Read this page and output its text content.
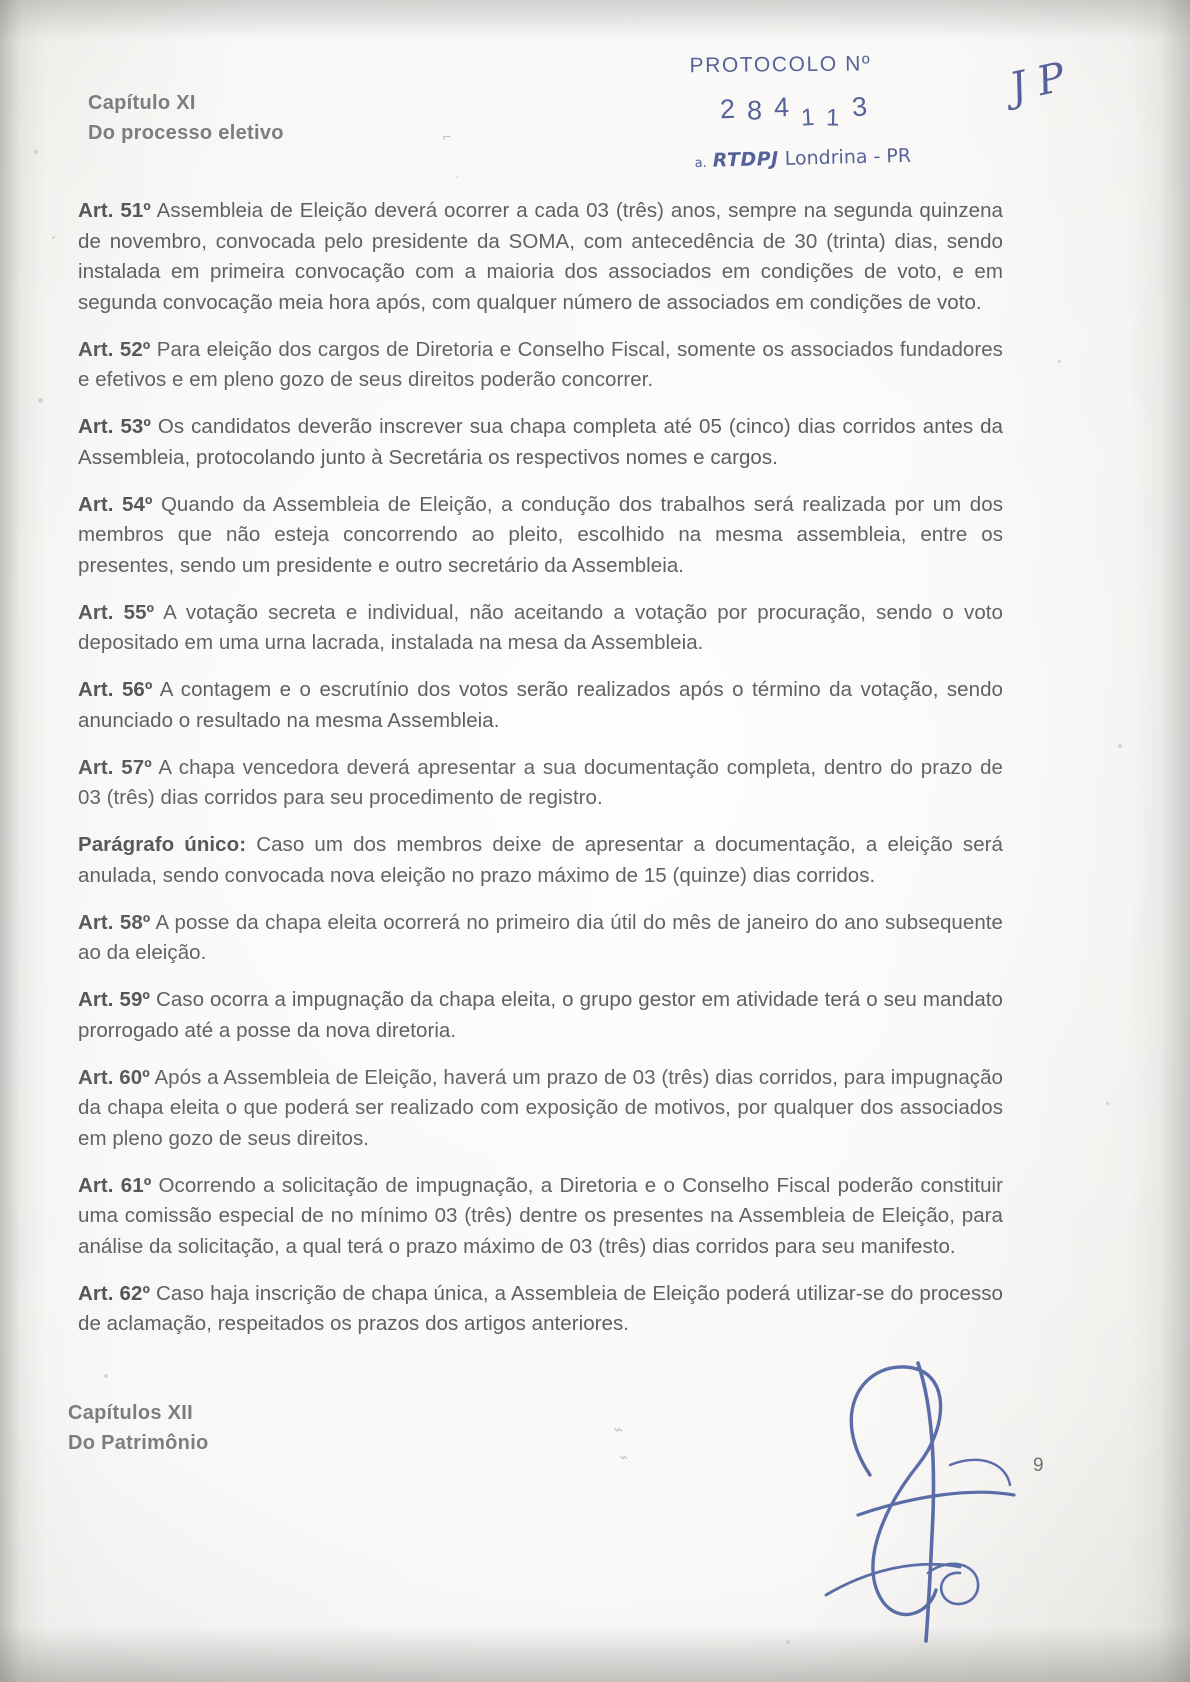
PROTOCOLO Nº
284113	JP
a. RTDPJ Londrina - PR
Capítulo XI
Do processo eletivo

Art. 51º Assembleia de Eleição deverá ocorrer a cada 03 (três) anos, sempre na segunda quinzena de novembro, convocada pelo presidente da SOMA, com antecedência de 30 (trinta) dias, sendo instalada em primeira convocação com a maioria dos associados em condições de voto, e em segunda convocação meia hora após, com qualquer número de associados em condições de voto.

Art. 52º Para eleição dos cargos de Diretoria e Conselho Fiscal, somente os associados fundadores e efetivos e em pleno gozo de seus direitos poderão concorrer.

Art. 53º Os candidatos deverão inscrever sua chapa completa até 05 (cinco) dias corridos antes da Assembleia, protocolando junto à Secretária os respectivos nomes e cargos.

Art. 54º Quando da Assembleia de Eleição, a condução dos trabalhos será realizada por um dos membros que não esteja concorrendo ao pleito, escolhido na mesma assembleia, entre os presentes, sendo um presidente e outro secretário da Assembleia.

Art. 55º A votação secreta e individual, não aceitando a votação por procuração, sendo o voto depositado em uma urna lacrada, instalada na mesa da Assembleia.

Art. 56º A contagem e o escrutínio dos votos serão realizados após o término da votação, sendo anunciado o resultado na mesma Assembleia.

Art. 57º A chapa vencedora deverá apresentar a sua documentação completa, dentro do prazo de 03 (três) dias corridos para seu procedimento de registro.

Parágrafo único: Caso um dos membros deixe de apresentar a documentação, a eleição será anulada, sendo convocada nova eleição no prazo máximo de 15 (quinze) dias corridos.

Art. 58º A posse da chapa eleita ocorrerá no primeiro dia útil do mês de janeiro do ano subsequente ao da eleição.

Art. 59º Caso ocorra a impugnação da chapa eleita, o grupo gestor em atividade terá o seu mandato prorrogado até a posse da nova diretoria.

Art. 60º Após a Assembleia de Eleição, haverá um prazo de 03 (três) dias corridos, para impugnação da chapa eleita o que poderá ser realizado com exposição de motivos, por qualquer dos associados em pleno gozo de seus direitos.

Art. 61º Ocorrendo a solicitação de impugnação, a Diretoria e o Conselho Fiscal poderão constituir uma comissão especial de no mínimo 03 (três) dentre os presentes na Assembleia de Eleição, para análise da solicitação, a qual terá o prazo máximo de 03 (três) dias corridos para seu manifesto.

Art. 62º Caso haja inscrição de chapa única, a Assembleia de Eleição poderá utilizar-se do processo de aclamação, respeitados os prazos dos artigos anteriores.

Capítulos XII
Do Patrimônio
9
⌐
·
⌁
⌁
